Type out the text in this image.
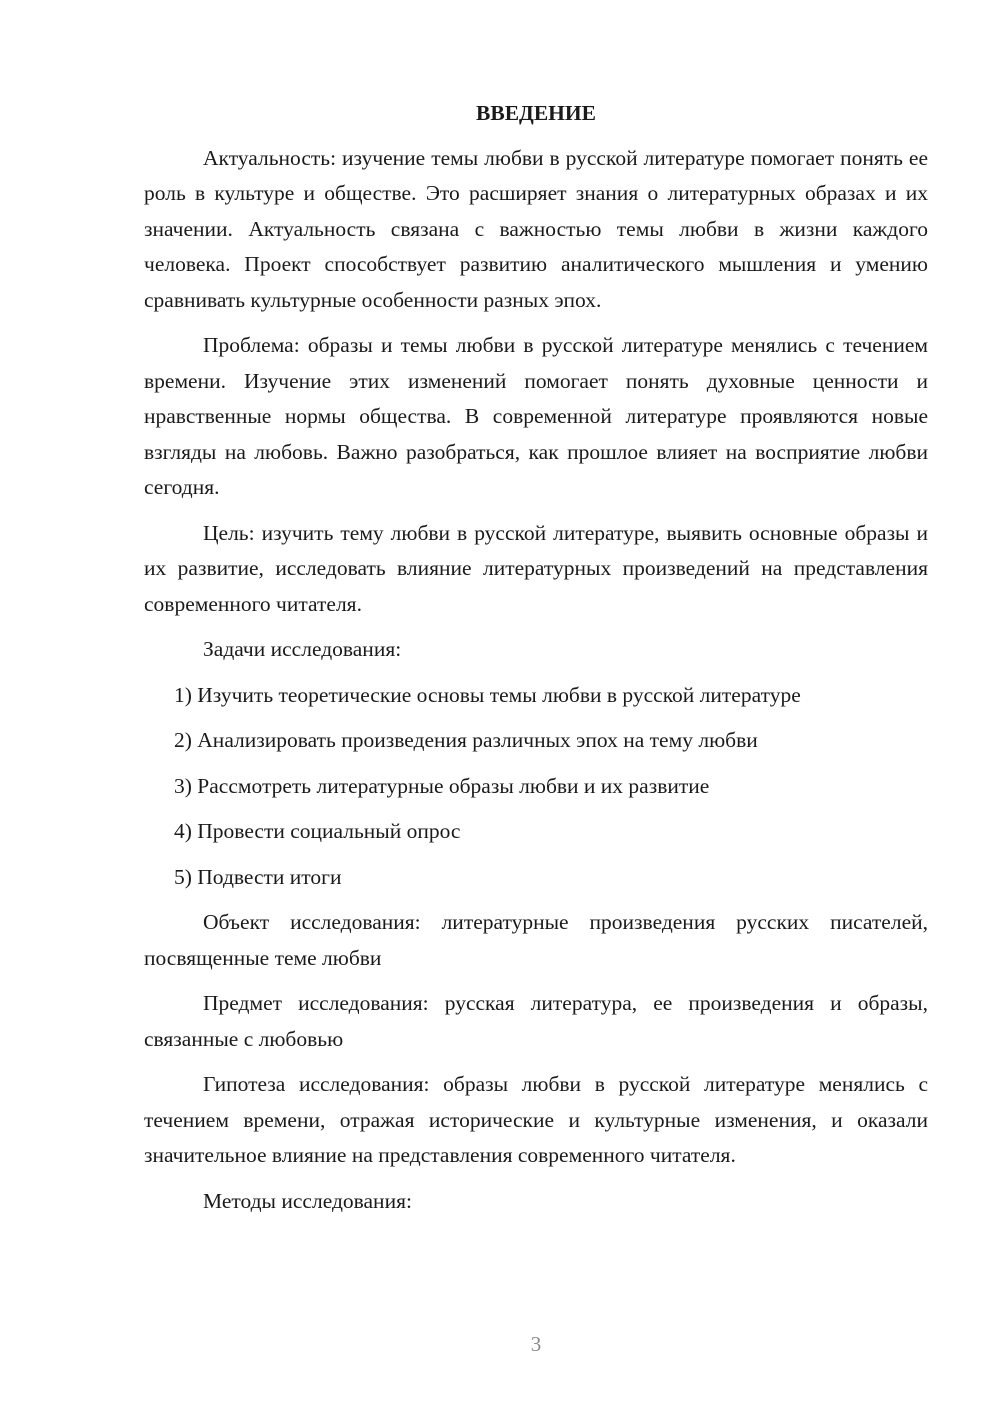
ВВЕДЕНИЕ

Актуальность: изучение темы любви в русской литературе помогает понять ее роль в культуре и обществе. Это расширяет знания о литературных образах и их значении. Актуальность связана с важностью темы любви в жизни каждого человека. Проект способствует развитию аналитического мышления и умению сравнивать культурные особенности разных эпох.

Проблема: образы и темы любви в русской литературе менялись с течением времени. Изучение этих изменений помогает понять духовные ценности и нравственные нормы общества. В современной литературе проявляются новые взгляды на любовь. Важно разобраться, как прошлое влияет на восприятие любви сегодня.

Цель: изучить тему любви в русской литературе, выявить основные образы и их развитие, исследовать влияние литературных произведений на представления современного читателя.

Задачи исследования:

1) Изучить теоретические основы темы любви в русской литературе
2) Анализировать произведения различных эпох на тему любви
3) Рассмотреть литературные образы любви и их развитие
4) Провести социальный опрос
5) Подвести итоги

Объект исследования: литературные произведения русских писателей, посвященные теме любви

Предмет исследования: русская литература, ее произведения и образы, связанные с любовью

Гипотеза исследования: образы любви в русской литературе менялись с течением времени, отражая исторические и культурные изменения, и оказали значительное влияние на представления современного читателя.

Методы исследования:

3
